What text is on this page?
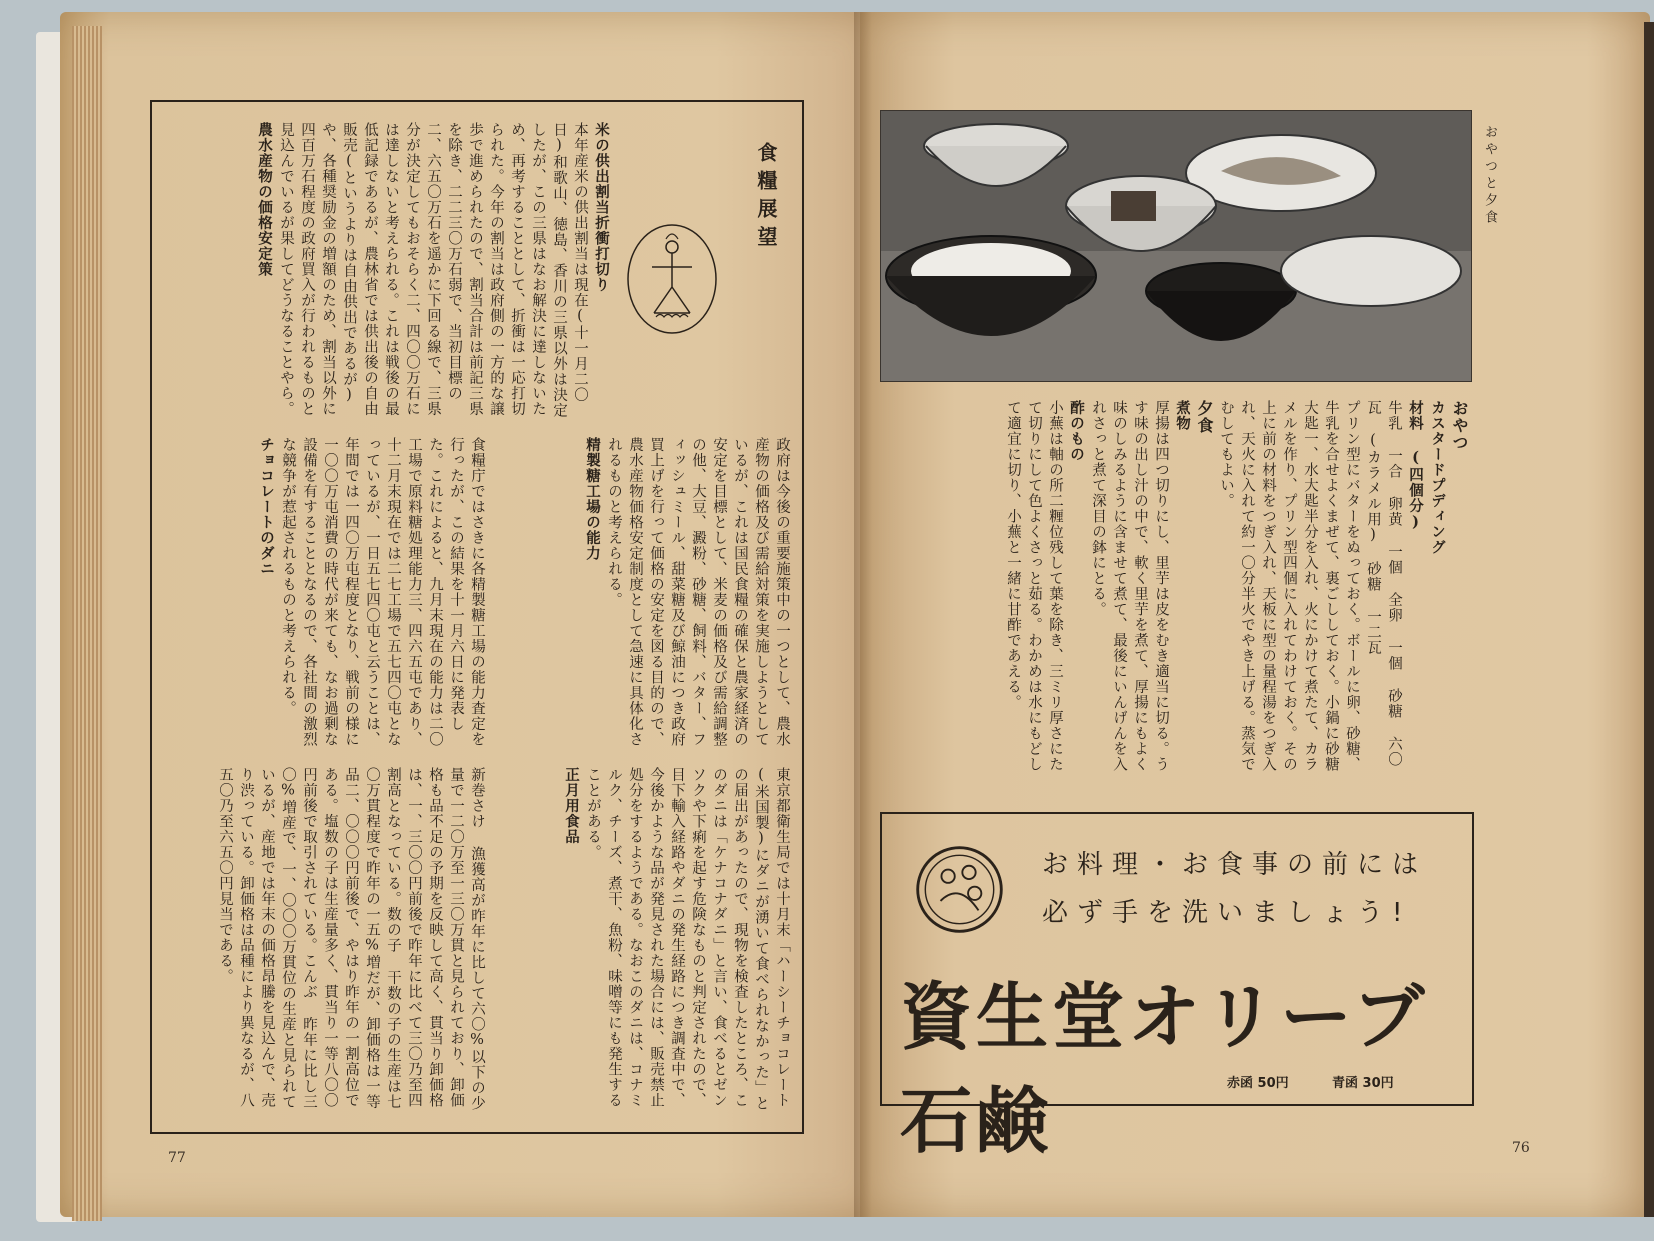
食糧展望
米の供出割当折衝打切り
本年産米の供出割当は現在(十一月二〇日)和歌山、徳島、香川の三県以外は決定したが、この三県はなお解決に達しないため、再考することとして、折衝は一応打切られた。今年の割当は政府側の一方的な譲歩で進められたので、割当合計は前記三県を除き、二二三〇万石弱で、当初目標の二、六五〇万石を遥かに下回る線で、三県分が決定してもおそらく二、四〇〇万石には達しないと考えられる。これは戦後の最低記録であるが、農林省では供出後の自由販売(というよりは自由供出であるが)や、各種奨励金の増額のため、割当以外に四百万石程度の政府買入が行われるものと見込んでいるが果してどうなることやら。
農水産物の価格安定策
政府は今後の重要施策中の一つとして、農水産物の価格及び需給対策を実施しようとしているが、これは国民食糧の確保と農家経済の安定を目標として、米麦の価格及び需給調整の他、大豆、澱粉、砂糖、飼料、バター、フィッシュミール、甜菜糖及び鯨油につき政府買上げを行って価格の安定を図る目的ので、農水産物価格安定制度として急速に具体化されるものと考えられる。
精製糖工場の能力

食糧庁ではさきに各精製糖工場の能力査定を行ったが、この結果を十一月六日に発表した。これによると、九月末現在の能力は二〇工場で原料糖処理能力三、四六五屯であり、十二月末現在では二七工場で五七四〇屯となっているが、一日五七四〇屯と云うことは、年間では一四〇万屯程度となり、戦前の様に一〇〇万屯消費の時代が来ても、なお過剰な設備を有することとなるので、各社間の激烈な競争が惹起されるものと考えられる。
チョコレートのダニ
東京都衛生局では十月末「ハーシーチョコレート(米国製)にダニが湧いて食べられなかった」との届出があったので、現物を検査したところ、このダニは「ケナコナダニ」と言い、食べるとゼンソクや下痢を起す危険なものと判定されたので、目下輸入経路やダニの発生経路につき調査中で、今後かような品が発見された場合には、販売禁止処分をするようである。なおこのダニは、コナミルク、チーズ、煮干、魚粉、味噌等にも発生することがある。
正月用食品
新巻さけ 漁獲高が昨年に比して六〇%以下の少量で一二〇万至一三〇万貫と見られており、卸価格も品不足の予期を反映して高く、貫当り卸価格は、一、三〇〇円前後で昨年に比べて三〇乃至四割高となっている。数の子 干数の子の生産は七〇万貫程度で昨年の一五%増だが、卸価格は一等品二、〇〇〇円前後で、やはり昨年の一割高位である。塩数の子は生産量多く、貫当り一等八〇〇円前後で取引されている。こんぶ 昨年に比し三〇%増産で、一、〇〇〇万貫位の生産と見られているが、産地では年末の価格昂騰を見込んで、売り渋っている。卸価格は品種により異なるが、八五〇乃至六五〇円見当である。
77
おやつと夕食
おやつ
カスタードプディング
材料 (四個分)
牛乳 一合 卵黄 一個 全卵 一個 砂糖 六〇瓦 (カラメル用) 砂糖 一二瓦
プリン型にバターをぬっておく。ボールに卵、砂糖、牛乳を合せよくまぜて、裏ごししておく。小鍋に砂糖大匙一、水大匙半分を入れ、火にかけて煮たて、カラメルを作り、プリン型四個に入れてわけておく。その上に前の材料をつぎ入れ、天板に型の量程湯をつぎ入れ、天火に入れて約一〇分半火でやき上げる。蒸気でむしてもよい。
夕食
煮物
厚揚は四つ切りにし、里芋は皮をむき適当に切る。うす味の出し汁の中で、軟く里芋を煮て、厚揚にもよく味のしみるように含ませて煮て、最後にいんげんを入れさっと煮て深目の鉢にとる。
酢のもの
小蕪は軸の所二糎位残して葉を除き、三ミリ厚さにたて切りにして色よくさっと茹る。わかめは水にもどして適宜に切り、小蕪と一緒に甘酢であえる。
お料理・お食事の前には
必ず手を洗いましょう!
資生堂オリーブ石鹸	赤函 50円	青函 30円
76
